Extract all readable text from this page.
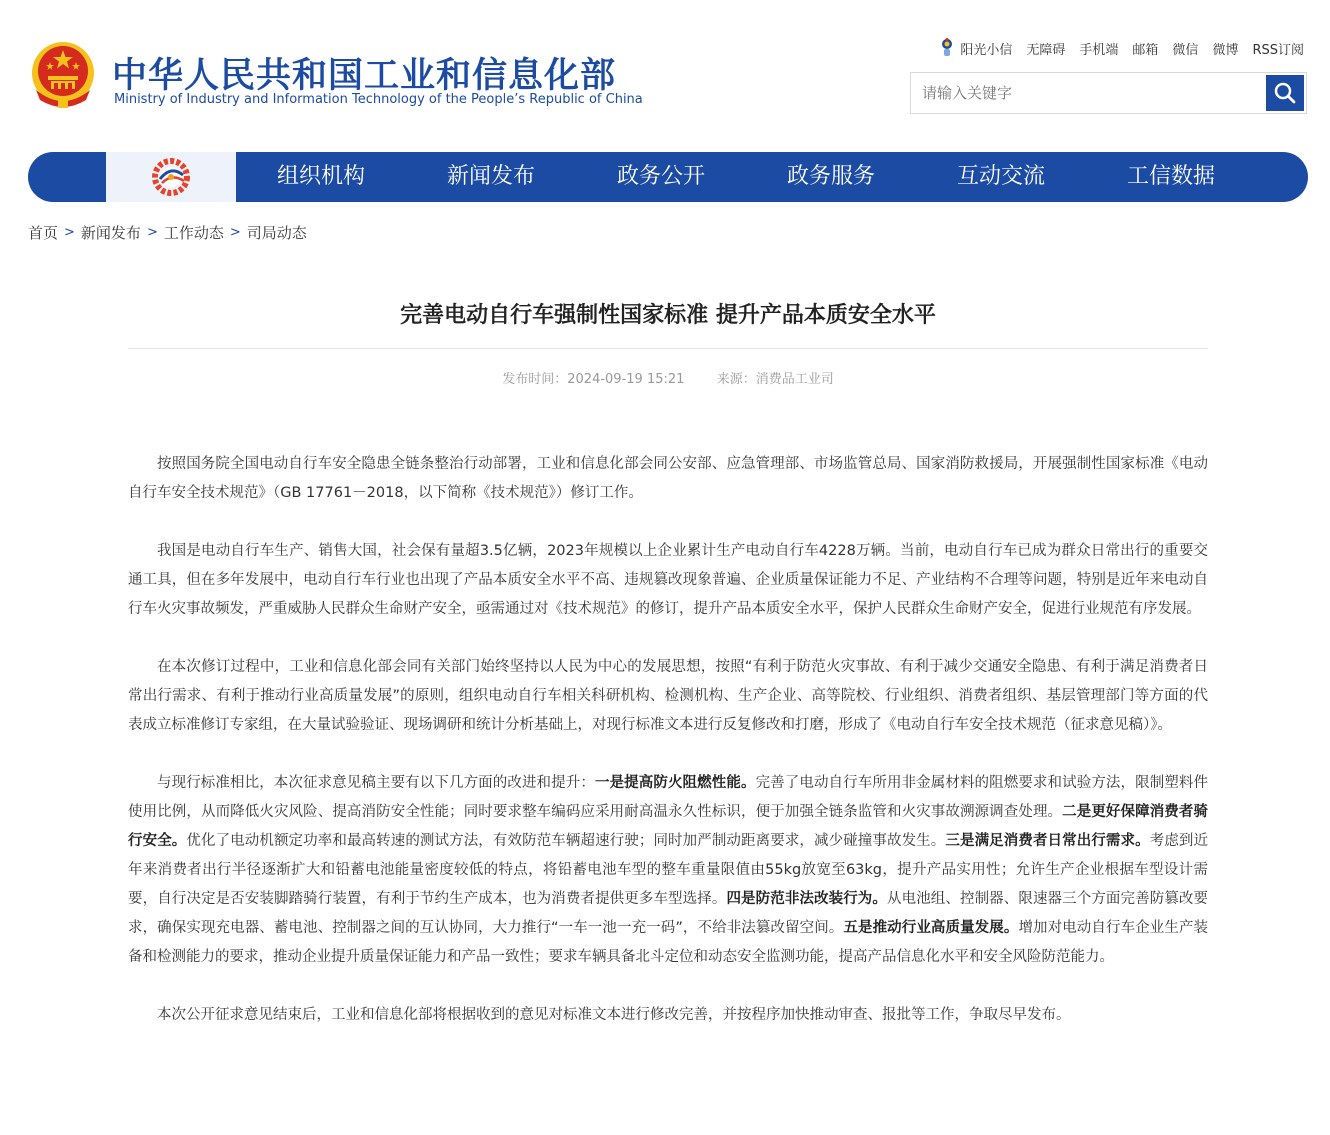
中华人民共和国工业和信息化部
Ministry of Industry and Information Technology of the People’s Republic of China
阳光小信 无障碍 手机端 邮箱 微信 微博 RSS订阅
请输入关键字
组织机构	新闻发布	政务公开	政务服务	互动交流	工信数据
首页 > 新闻发布 > 工作动态 > 司局动态
完善电动自行车强制性国家标准 提升产品本质安全水平
发布时间：2024-09-19 15:21 来源：消费品工业司

按照国务院全国电动自行车安全隐患全链条整治行动部署，工业和信息化部会同公安部、应急管理部、市场监管总局、国家消防救援局，开展强制性国家标准《电动自行车安全技术规范》（GB 17761－2018，以下简称《技术规范》）修订工作。

我国是电动自行车生产、销售大国，社会保有量超3.5亿辆，2023年规模以上企业累计生产电动自行车4228万辆。当前，电动自行车已成为群众日常出行的重要交通工具，但在多年发展中，电动自行车行业也出现了产品本质安全水平不高、违规篡改现象普遍、企业质量保证能力不足、产业结构不合理等问题，特别是近年来电动自行车火灾事故频发，严重威胁人民群众生命财产安全，亟需通过对《技术规范》的修订，提升产品本质安全水平，保护人民群众生命财产安全，促进行业规范有序发展。

在本次修订过程中，工业和信息化部会同有关部门始终坚持以人民为中心的发展思想，按照“有利于防范火灾事故、有利于减少交通安全隐患、有利于满足消费者日常出行需求、有利于推动行业高质量发展”的原则，组织电动自行车相关科研机构、检测机构、生产企业、高等院校、行业组织、消费者组织、基层管理部门等方面的代表成立标准修订专家组，在大量试验验证、现场调研和统计分析基础上，对现行标准文本进行反复修改和打磨，形成了《电动自行车安全技术规范（征求意见稿）》。

与现行标准相比，本次征求意见稿主要有以下几方面的改进和提升：一是提高防火阻燃性能。完善了电动自行车所用非金属材料的阻燃要求和试验方法，限制塑料件使用比例，从而降低火灾风险、提高消防安全性能；同时要求整车编码应采用耐高温永久性标识，便于加强全链条监管和火灾事故溯源调查处理。二是更好保障消费者骑行安全。优化了电动机额定功率和最高转速的测试方法，有效防范车辆超速行驶；同时加严制动距离要求，减少碰撞事故发生。三是满足消费者日常出行需求。考虑到近年来消费者出行半径逐渐扩大和铅蓄电池能量密度较低的特点，将铅蓄电池车型的整车重量限值由55kg放宽至63kg，提升产品实用性；允许生产企业根据车型设计需要，自行决定是否安装脚踏骑行装置，有利于节约生产成本，也为消费者提供更多车型选择。四是防范非法改装行为。从电池组、控制器、限速器三个方面完善防篡改要求，确保实现充电器、蓄电池、控制器之间的互认协同，大力推行“一车一池一充一码”，不给非法篡改留空间。五是推动行业高质量发展。增加对电动自行车企业生产装备和检测能力的要求，推动企业提升质量保证能力和产品一致性；要求车辆具备北斗定位和动态安全监测功能，提高产品信息化水平和安全风险防范能力。

本次公开征求意见结束后，工业和信息化部将根据收到的意见对标准文本进行修改完善，并按程序加快推动审查、报批等工作，争取尽早发布。
